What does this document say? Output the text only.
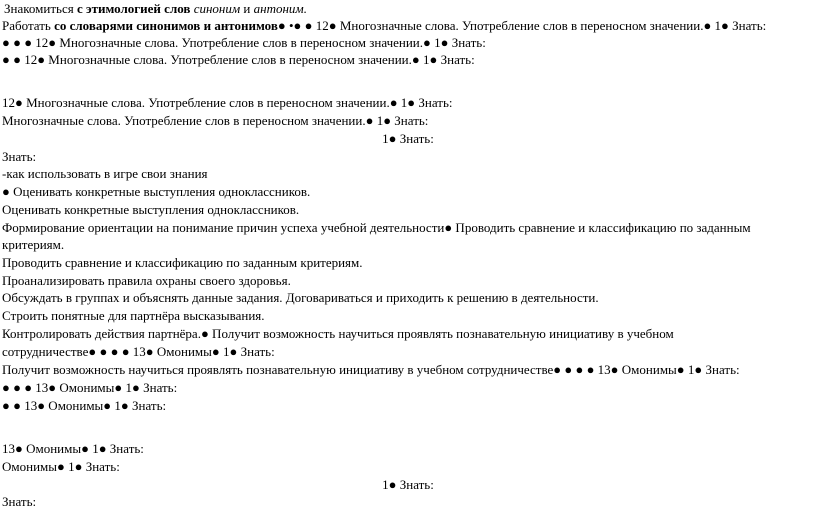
Знакомиться с этимологией слов синоним и антоним.
Работать со словарями синонимов и антонимов● •● ● 12● Многозначные слова. Употребление слов в переносном значении.● 1● Знать:
● ● ● 12● Многозначные слова. Употребление слов в переносном значении.● 1● Знать:
● ● 12● Многозначные слова. Употребление слов в переносном значении.● 1● Знать:
12● Многозначные слова. Употребление слов в переносном значении.● 1● Знать:
Многозначные слова. Употребление слов в переносном значении.● 1● Знать:
1● Знать:
Знать:
-как использовать в игре свои знания
● Оценивать конкретные выступления одноклассников.
Оценивать конкретные выступления одноклассников.
Формирование ориентации на понимание причин успеха учебной деятельности● Проводить сравнение и классификацию по заданным
критериям.
Проводить сравнение и классификацию по заданным критериям.
Проанализировать правила охраны своего здоровья.
Обсуждать в группах и объяснять данные задания. Договариваться и приходить к решению в деятельности.
Строить понятные для партнёра высказывания.
Контролировать действия партнёра.● Получит возможность научиться проявлять познавательную инициативу в учебном
сотрудничестве● ● ● ● 13● Омонимы● 1● Знать:
Получит возможность научиться проявлять познавательную инициативу в учебном сотрудничестве● ● ● ● 13● Омонимы● 1● Знать:
● ● ● 13● Омонимы● 1● Знать:
● ● 13● Омонимы● 1● Знать:
13● Омонимы● 1● Знать:
Омонимы● 1● Знать:
1● Знать:
Знать:
